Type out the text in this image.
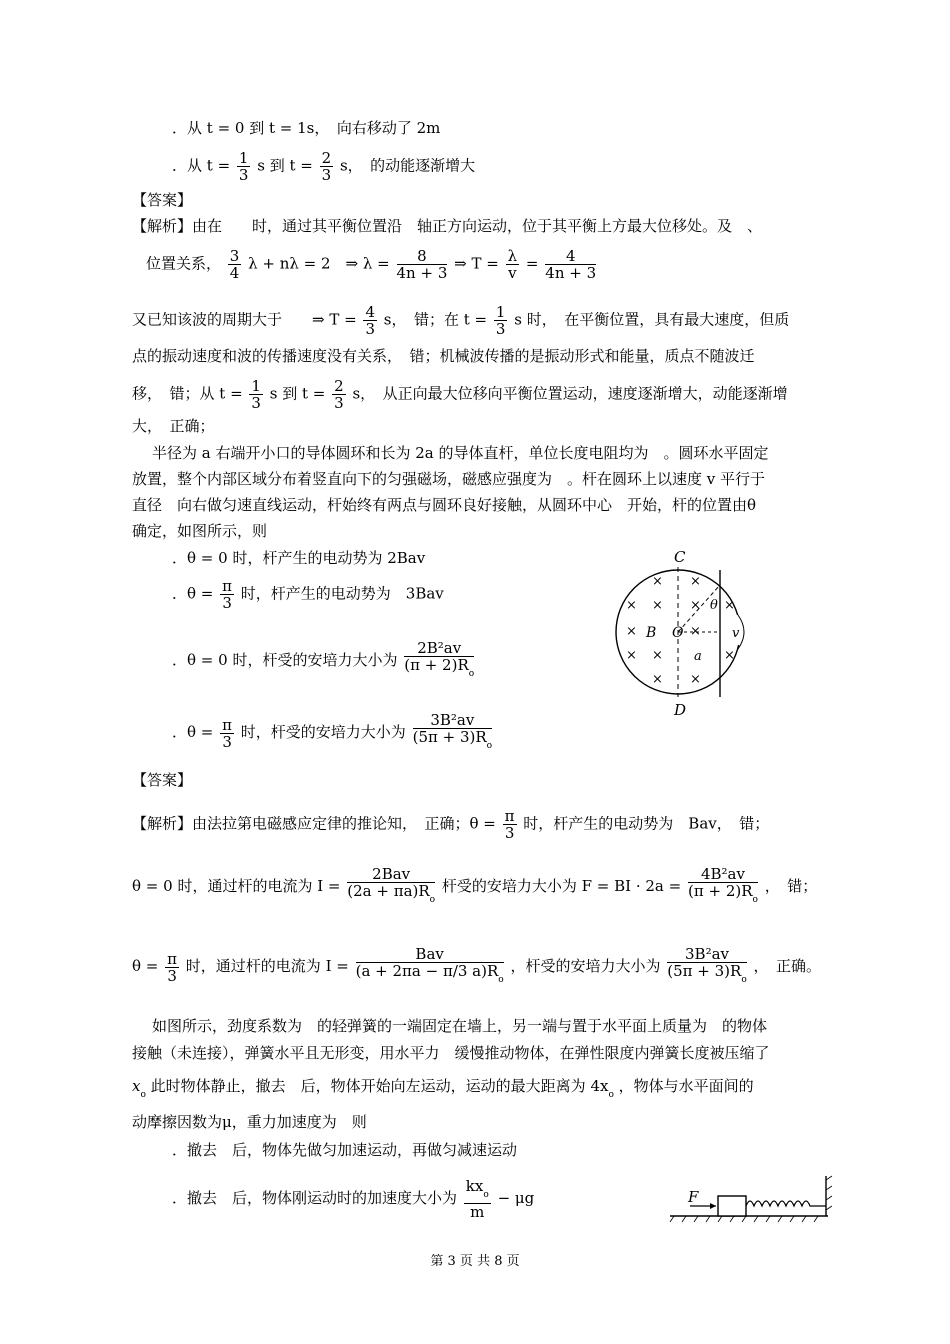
．从 t = 0 到 t = 1s，　向右移动了 2m
．从 $t = \frac{1}{3}$ s 到 $t = \frac{2}{3}$ s，　的动能逐渐增大
【答案】
【解析】由在　　时，通过其平衡位置沿　轴正方向运动，位于其平衡上方最大位移处。及　、
位置关系， $\frac{3}{4}$ λ + nλ = 2　⇒ $\lambda = \frac{8}{4n + 3}$ ⇒ $T = \frac{\lambda}{v} = \frac{4}{4n + 3}$
又已知该波的周期大于　　⇒ $T = \frac{4}{3}$ s，　错；在 $t = \frac{1}{3}$ s 时，　在平衡位置，具有最大速度，但质
点的振动速度和波的传播速度没有关系，　错；机械波传播的是振动形式和能量，质点不随波迁
移，　错；从 $t = \frac{1}{3}$ s 到 $t = \frac{2}{3}$ s，　从正向最大位移向平衡位置运动，速度逐渐增大，动能逐渐增
大，　正确；
半径为 a 右端开小口的导体圆环和长为 2a 的导体直杆，单位长度电阻均为　。圆环水平固定
放置，整个内部区域分布着竖直向下的匀强磁场，磁感应强度为　。杆在圆环上以速度 v 平行于
直径　向右做匀速直线运动，杆始终有两点与圆环良好接触，从圆环中心　开始，杆的位置由θ
确定，如图所示，则
．θ = 0 时，杆产生的电动势为 2Bav
．$\theta = \frac{\pi}{3}$ 时，杆产生的电动势为　3Bav
．θ = 0 时，杆受的安培力大小为 $\frac{\text{2B²av}}{(\pi + 2)R_o}$
．$\theta = \frac{\pi}{3}$ 时，杆受的安培力大小为 $\frac{\text{3B²av}}{(5\pi + 3)R_o}$
C
D
O
B
θ
v
a
× ×
× × × ×
×	×
× ×	×
× ×
【答案】
【解析】由法拉第电磁感应定律的推论知，　正确；$\theta = \frac{\pi}{3}$ 时，杆产生的电动势为　Bav，　错；
θ = 0 时，通过杆的电流为 $I = \frac{\text{2Bav}}{(2a + \pi a)R_o}$ 杆受的安培力大小为 F = BI · $2a = \frac{\text{4B²av}}{(\pi + 2)R_o}$ ，　错；
$\theta = \frac{\pi}{3}$ 时，通过杆的电流为 $I = \frac{\text{Bav}}{(a + 2\pi a - \pi/3 a)R_o}$ ，杆受的安培力大小为 $\frac{\text{3B²av}}{(5\pi + 3)R_o}$ ，　正确。
如图所示，劲度系数为　的轻弹簧的一端固定在墙上，另一端与置于水平面上质量为　的物体
接触（未连接），弹簧水平且无形变，用水平力　缓慢推动物体，在弹性限度内弹簧长度被压缩了
$x_o$ 此时物体静止，撤去　后，物体开始向左运动，运动的最大距离为 $4x_o$ ，物体与水平面间的
动摩擦因数为μ，重力加速度为　则
．撤去　后，物体先做匀加速运动，再做匀减速运动
．撤去　后，物体刚运动时的加速度大小为 $\frac{kx_o}{m} - \mu g$	F
第 3 页 共 8 页
